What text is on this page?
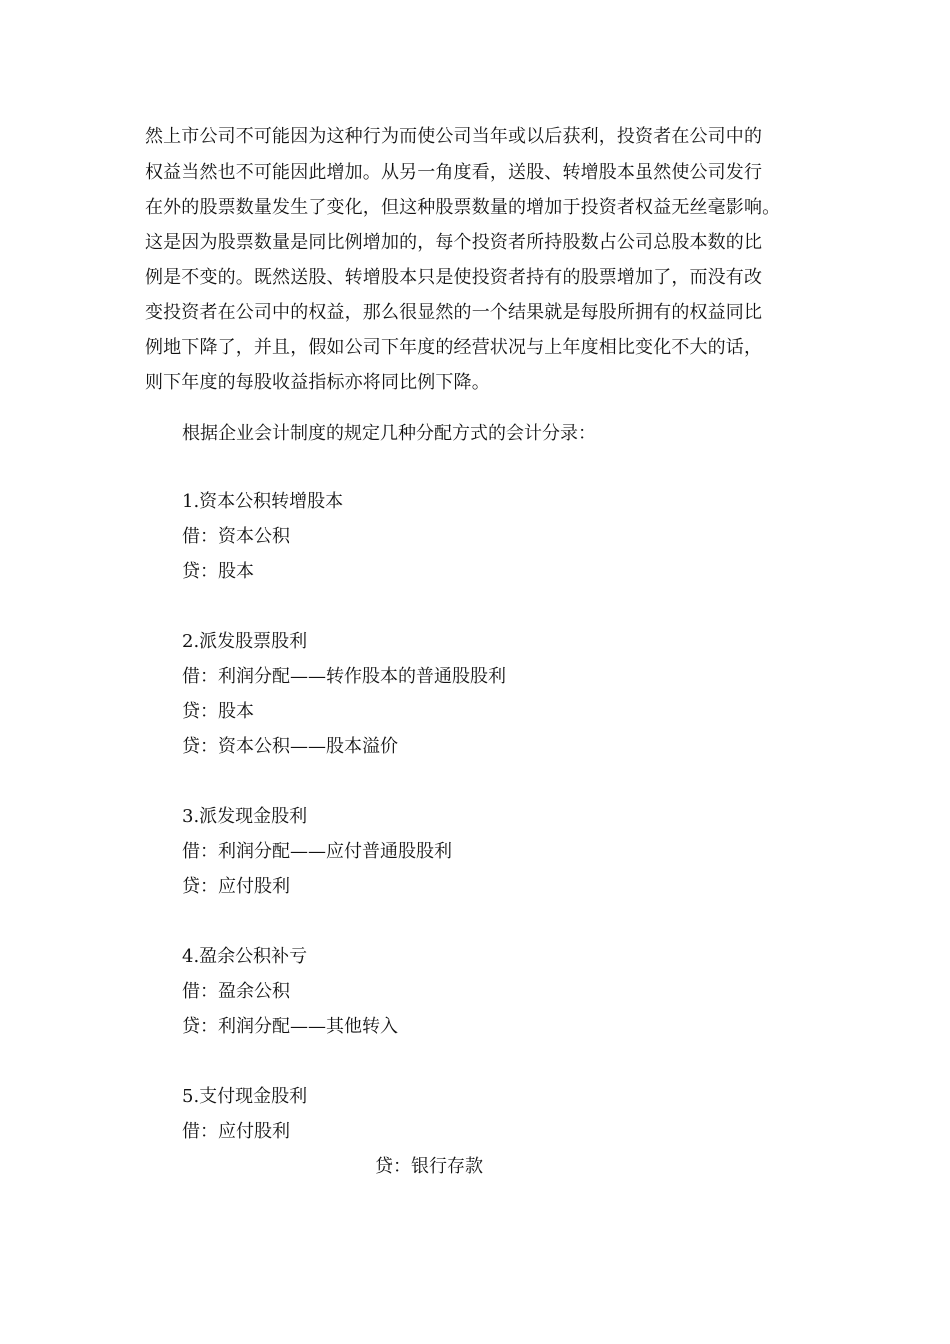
然上市公司不可能因为这种行为而使公司当年或以后获利，投资者在公司中的
权益当然也不可能因此增加。从另一角度看，送股、转增股本虽然使公司发行
在外的股票数量发生了变化，但这种股票数量的增加于投资者权益无丝毫影响。
这是因为股票数量是同比例增加的，每个投资者所持股数占公司总股本数的比
例是不变的。既然送股、转增股本只是使投资者持有的股票增加了，而没有改
变投资者在公司中的权益，那么很显然的一个结果就是每股所拥有的权益同比
例地下降了，并且，假如公司下年度的经营状况与上年度相比变化不大的话，
则下年度的每股收益指标亦将同比例下降。
根据企业会计制度的规定几种分配方式的会计分录：
1.资本公积转增股本
借：资本公积
贷：股本
2.派发股票股利
借：利润分配——转作股本的普通股股利
贷：股本
贷：资本公积——股本溢价
3.派发现金股利
借：利润分配——应付普通股股利
贷：应付股利
4.盈余公积补亏
借：盈余公积
贷：利润分配——其他转入
5.支付现金股利
借：应付股利
贷：银行存款
